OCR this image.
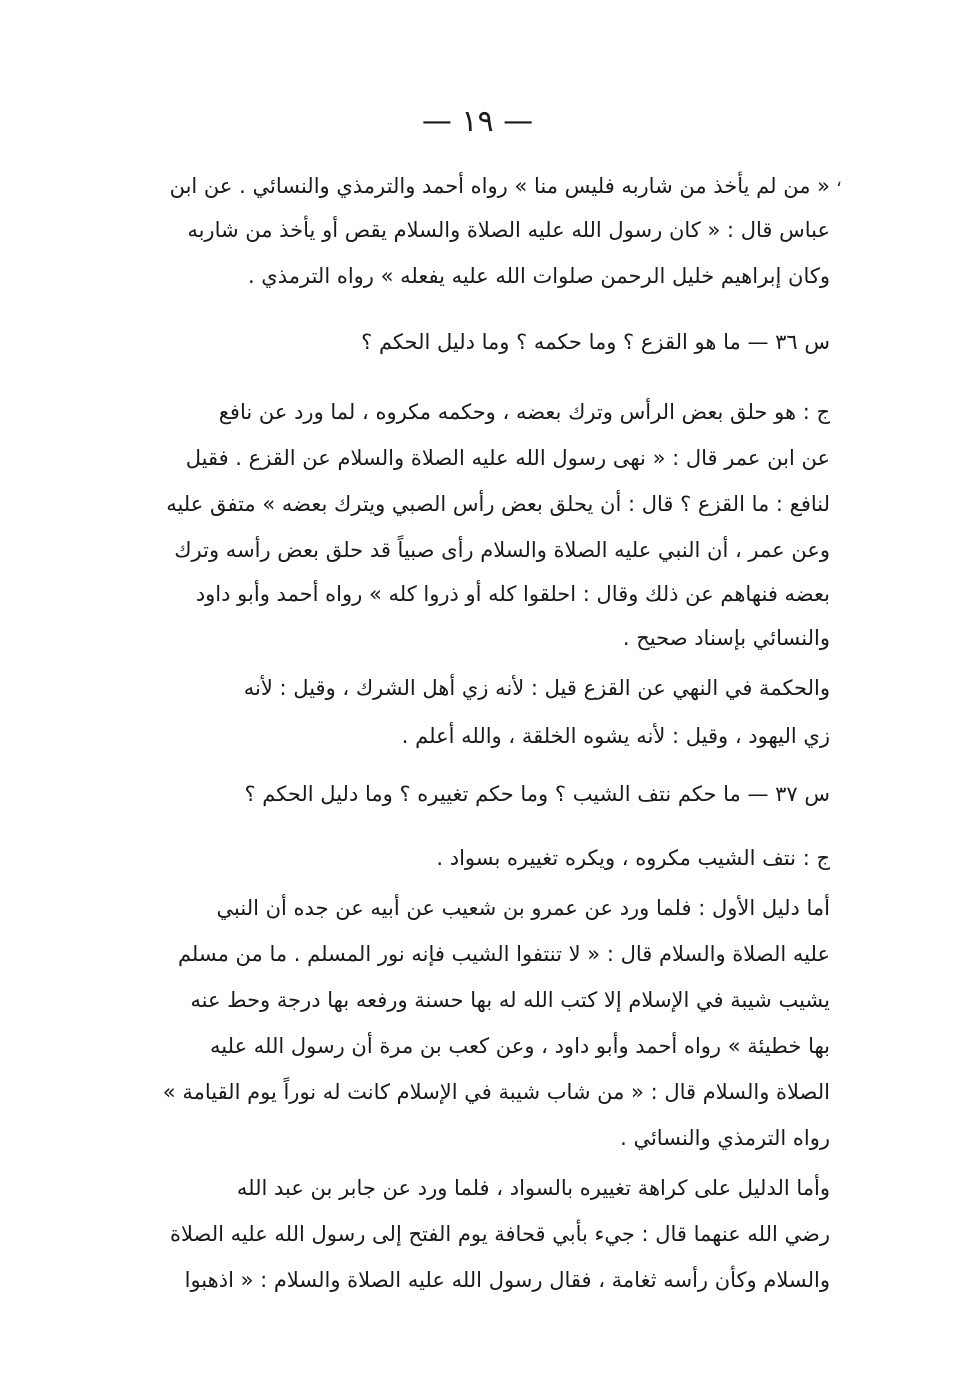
— ١٩ —
،
« من لم يأخذ من شاربه فليس منا » رواه أحمد والترمذي والنسائي . عن ابن
عباس قال : « كان رسول الله عليه الصلاة والسلام يقص أو يأخذ من شاربه
وكان إبراهيم خليل الرحمن صلوات الله عليه يفعله » رواه الترمذي .
س ٣٦ — ما هو القزع ؟ وما حكمه ؟ وما دليل الحكم ؟
ج : هو حلق بعض الرأس وترك بعضه ، وحكمه مكروه ، لما ورد عن نافع
عن ابن عمر قال : « نهى رسول الله عليه الصلاة والسلام عن القزع . فقيل
لنافع : ما القزع ؟ قال : أن يحلق بعض رأس الصبي ويترك بعضه » متفق عليه
وعن عمر ، أن النبي عليه الصلاة والسلام رأى صبياً قد حلق بعض رأسه وترك
بعضه فنهاهم عن ذلك وقال : احلقوا كله أو ذروا كله » رواه أحمد وأبو داود
والنسائي بإسناد صحيح .
والحكمة في النهي عن القزع قيل : لأنه زي أهل الشرك ، وقيل : لأنه
زي اليهود ، وقيل : لأنه يشوه الخلقة ، والله أعلم .
س ٣٧ — ما حكم نتف الشيب ؟ وما حكم تغييره ؟ وما دليل الحكم ؟
ج : نتف الشيب مكروه ، ويكره تغييره بسواد .
أما دليل الأول : فلما ورد عن عمرو بن شعيب عن أبيه عن جده أن النبي
عليه الصلاة والسلام قال : « لا تنتفوا الشيب فإنه نور المسلم . ما من مسلم
يشيب شيبة في الإسلام إلا كتب الله له بها حسنة ورفعه بها درجة وحط عنه
بها خطيئة » رواه أحمد وأبو داود ، وعن كعب بن مرة أن رسول الله عليه
الصلاة والسلام قال : « من شاب شيبة في الإسلام كانت له نوراً يوم القيامة »
رواه الترمذي والنسائي .
وأما الدليل على كراهة تغييره بالسواد ، فلما ورد عن جابر بن عبد الله
رضي الله عنهما قال : جيء بأبي قحافة يوم الفتح إلى رسول الله عليه الصلاة
والسلام وكأن رأسه ثغامة ، فقال رسول الله عليه الصلاة والسلام : « اذهبوا
